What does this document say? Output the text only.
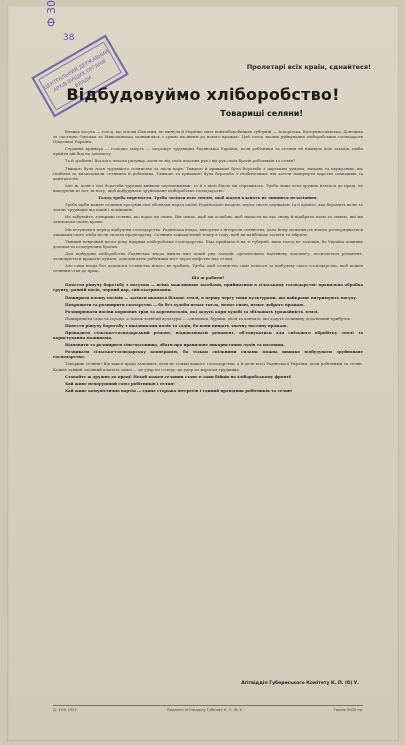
Ф 30
38
ЦЕНТРАЛЬНИЙ ДЕРЖАВНИЙ АРХІВ ВИЩИХ ОРГАНІВ ВЛАДИ
Пролетарі всіх країн, єднайтеся!
Відбудовуймо хліборобство!
Товариші селяни!

Велика посуха — голод, що згасив Поволжя, не минула й України: пять найхліборобніших губерній — Запорізька, Катеринославська, Донецька та частково Одеська та Миколаївська залишились з сухим насінням до нового врожаю. Цей голод звалив руйнування хліборобських господарств Південної України.

Страшна примара — голодна смерть — загрожує трудящим Радянської України, коли робітники та селяни не вживуть всіх заходів, щоби прийти цій біді на допомогу.

Та й зробити! Від кого чекати рятунку, коли не від своїх власних рук і від рук своїх братів робітників та селян?

Тяжкою була доля трудящого селянства за часів царя. Тяжкою й кривавою була боротьба з царським урядом, панами та куркулями, що гнобили та визискували селянина й робітника. Тяжкою та кривавою була боротьба з гнобителями, які хотіли повернути царство поміщиків та капіталістів.

Але ж, коли з цієї боротьби трудящі вийшли переможцями, то й з цією бідою ми справимось. Треба лише всім дружно взятися до праці, не шкодуючи ні сил, ні поту, щоб відбудувати зруйноване хліборобське господарство.

Голод треба перемогти. Треба засіяти всю землю, щоб жоден клапоть не лишився незасіяним.

Треба щоби кожен селянин зрозумів свої обовязки перед своєю Радянською владою, перед своєю державою та її армією, яка боронить волю та землю трудящих від панів і поміщиків.

Не забувайте, товариші селяни, що ворог не спить. Він чекає, щоб ми ослабли, щоб напасти на нас знову й відібрати волю та землю, які ми завоювали своєю кровю.

Ми вступили в період відбудови господарства. Радянська влада, виходячи з інтересів селянства, дала йому можливість вільно розпоряджатися лишками свого хліба після сплати продподатку. Селянин зацікавлений тепер в тому, щоб як найбільше засіяти та зібрати.

Тяжкий неврожай цього року підірвав хліборобське господарство. Біда прийшла й на ті губернії, яких голод не зачепив, бо Україна повинна допомогти голодуючим братам.

Для відбудови хліборобства Радянська влада вжила вже цілий ряд заходів: організовано насінневу допомогу, посилається реманент, засновуються прокатні пункти, допомагають робітники міст через шефство над селом.

Але сама влада без допомоги селянства нічого не зробить. Треба, щоб селянство саме взялося за відбудову свого господарства, щоб кожен селянин став до праці.

Що ж робити?

Повести рішучу боротьбу з посухою — всіма можливими засобами, прийнятими в сільському господарстві: правильна обробка ґрунту, ранній посів, чорний пар, снігозатримання.

Поширити площу посівів — засіяти якомога більше землі, в першу чергу тими культурами, що найкраще витримують посуху.

Покращати та розширити скотарство — бо без худоби немає тягла, немає гною, немає доброго врожаю.

Розширювати посіви кормових трав та коренеплодів, які дадуть корм худобі та збільшать урожайність землі.

Поширювати сади та городи, а також технічні культури — соняшник, буряки, льон та коноплі, які дадуть селянину додатковий прибуток.

Повести рішучу боротьбу з шкідниками полів та садів, бо вони нищать значну частину врожаю.

Провадити сільсько-господарський ремонт, відновлювати реманент, об'єднуватися для спільного обробітку землі та користування машинами.

Відновити та розширити сіно-пасовища, дбати про правильне використання луків та пасовищ.

Розвивати сільсько-господарську кооперацію, бо тільки спільними силами можна швидко відбудувати зруйноване господарство.

Товариші селяни! Від вашої праці залежить доля не тільки вашого господарства, а й доля всієї Радянської України, доля робітників та селян. Кожен зайвий засіяний клапоть землі — це удар по голоду, це удар по ворогам трудящих.

Ставайте ж дружно до праці! Нехай кожен селянин стане в лави бійців на хліборобському фронті!

Хай живе непорушний союз робітників і селян!

Хай живе комуністична партія — єдина сторожа інтересів і єдиний провідник робітників та селян!

Агітвідділ Губернського Комітету К. П. (б) У.
Д. 15/X 1922	Видання Агітвідділу Губкому К. П. (б) У.	Тираж 5000 пр.
